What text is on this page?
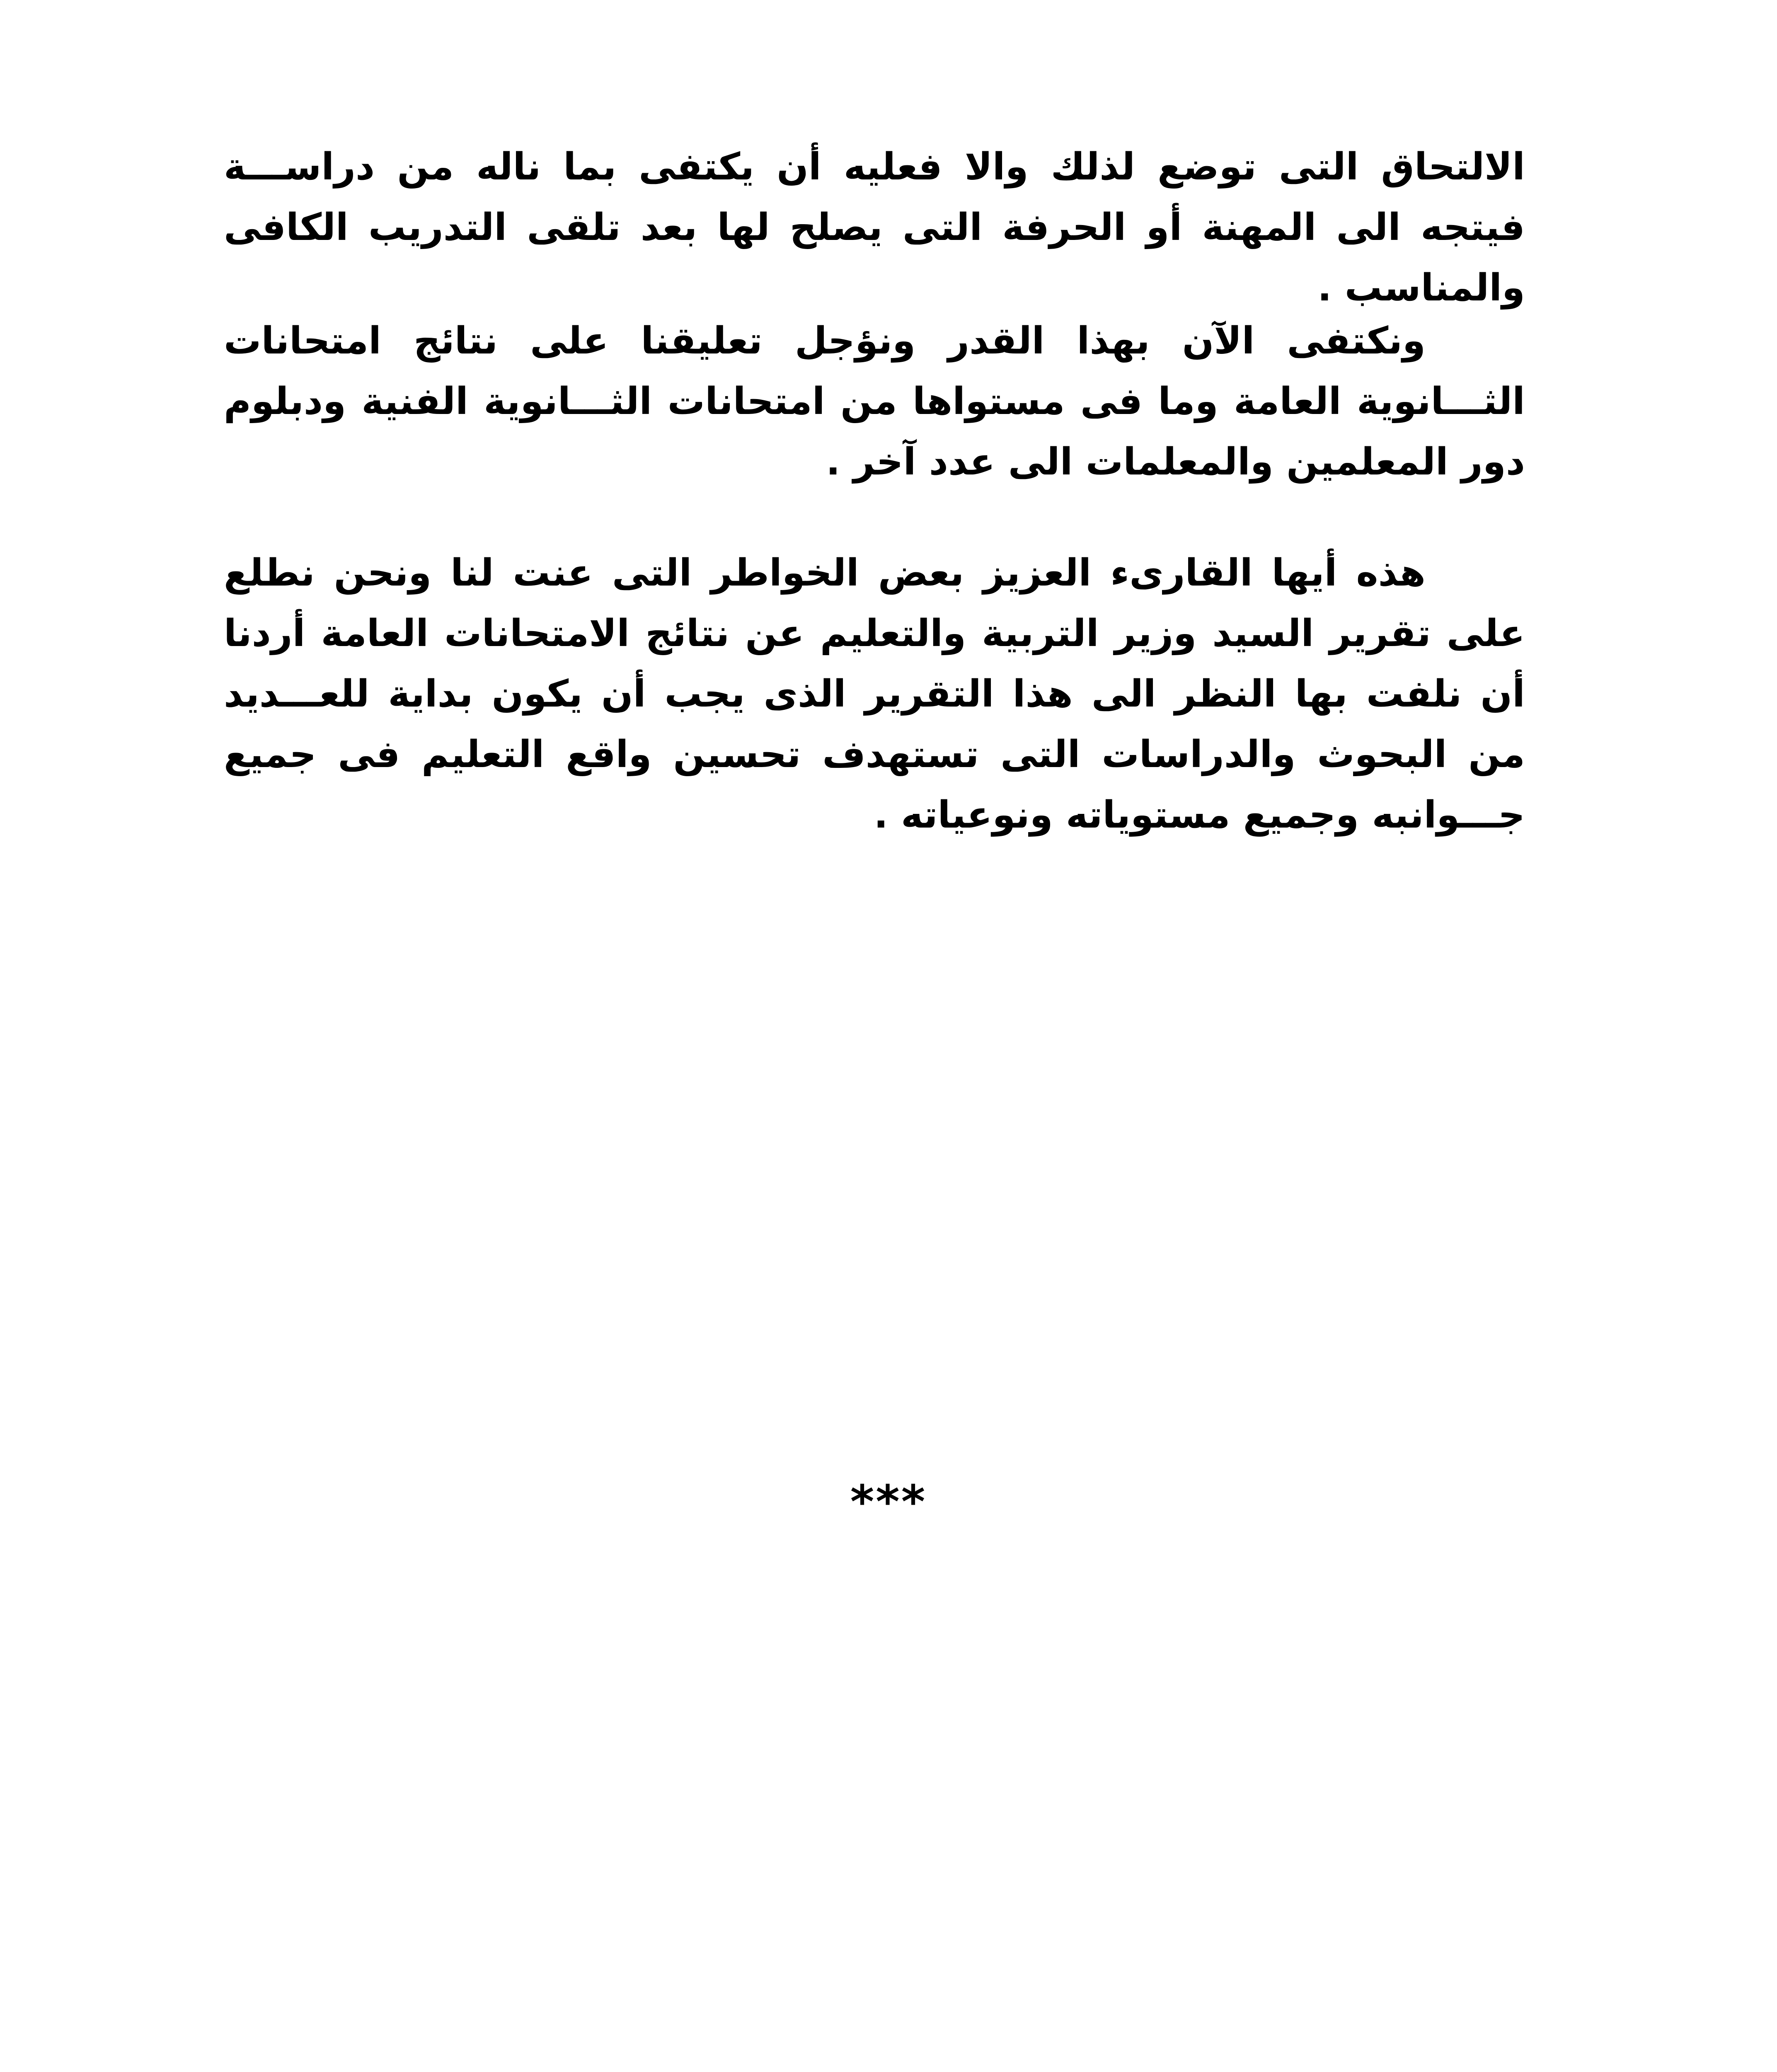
الالتحاق التى توضع لذلك والا فعليه أن يكتفى بما ناله من دراســـة فيتجه الى المهنة أو الحرفة التى يصلح لها بعد تلقى التدريب الكافى والمناسب .

ونكتفى الآن بهذا القدر ونؤجل تعليقنا على نتائج امتحانات الثـــانوية العامة وما فى مستواها من امتحانات الثـــانوية الفنية ودبلوم دور المعلمين والمعلمات الى عدد آخر .

هذه أيها القارىء العزيز بعض الخواطر التى عنت لنا ونحن نطلع على تقرير السيد وزير التربية والتعليم عن نتائج الامتحانات العامة أردنا أن نلفت بها النظر الى هذا التقرير الذى يجب أن يكون بداية للعـــديد من البحوث والدراسات التى تستهدف تحسين واقع التعليم فى جميع جـــوانبه وجميع مستوياته ونوعياته .

***
